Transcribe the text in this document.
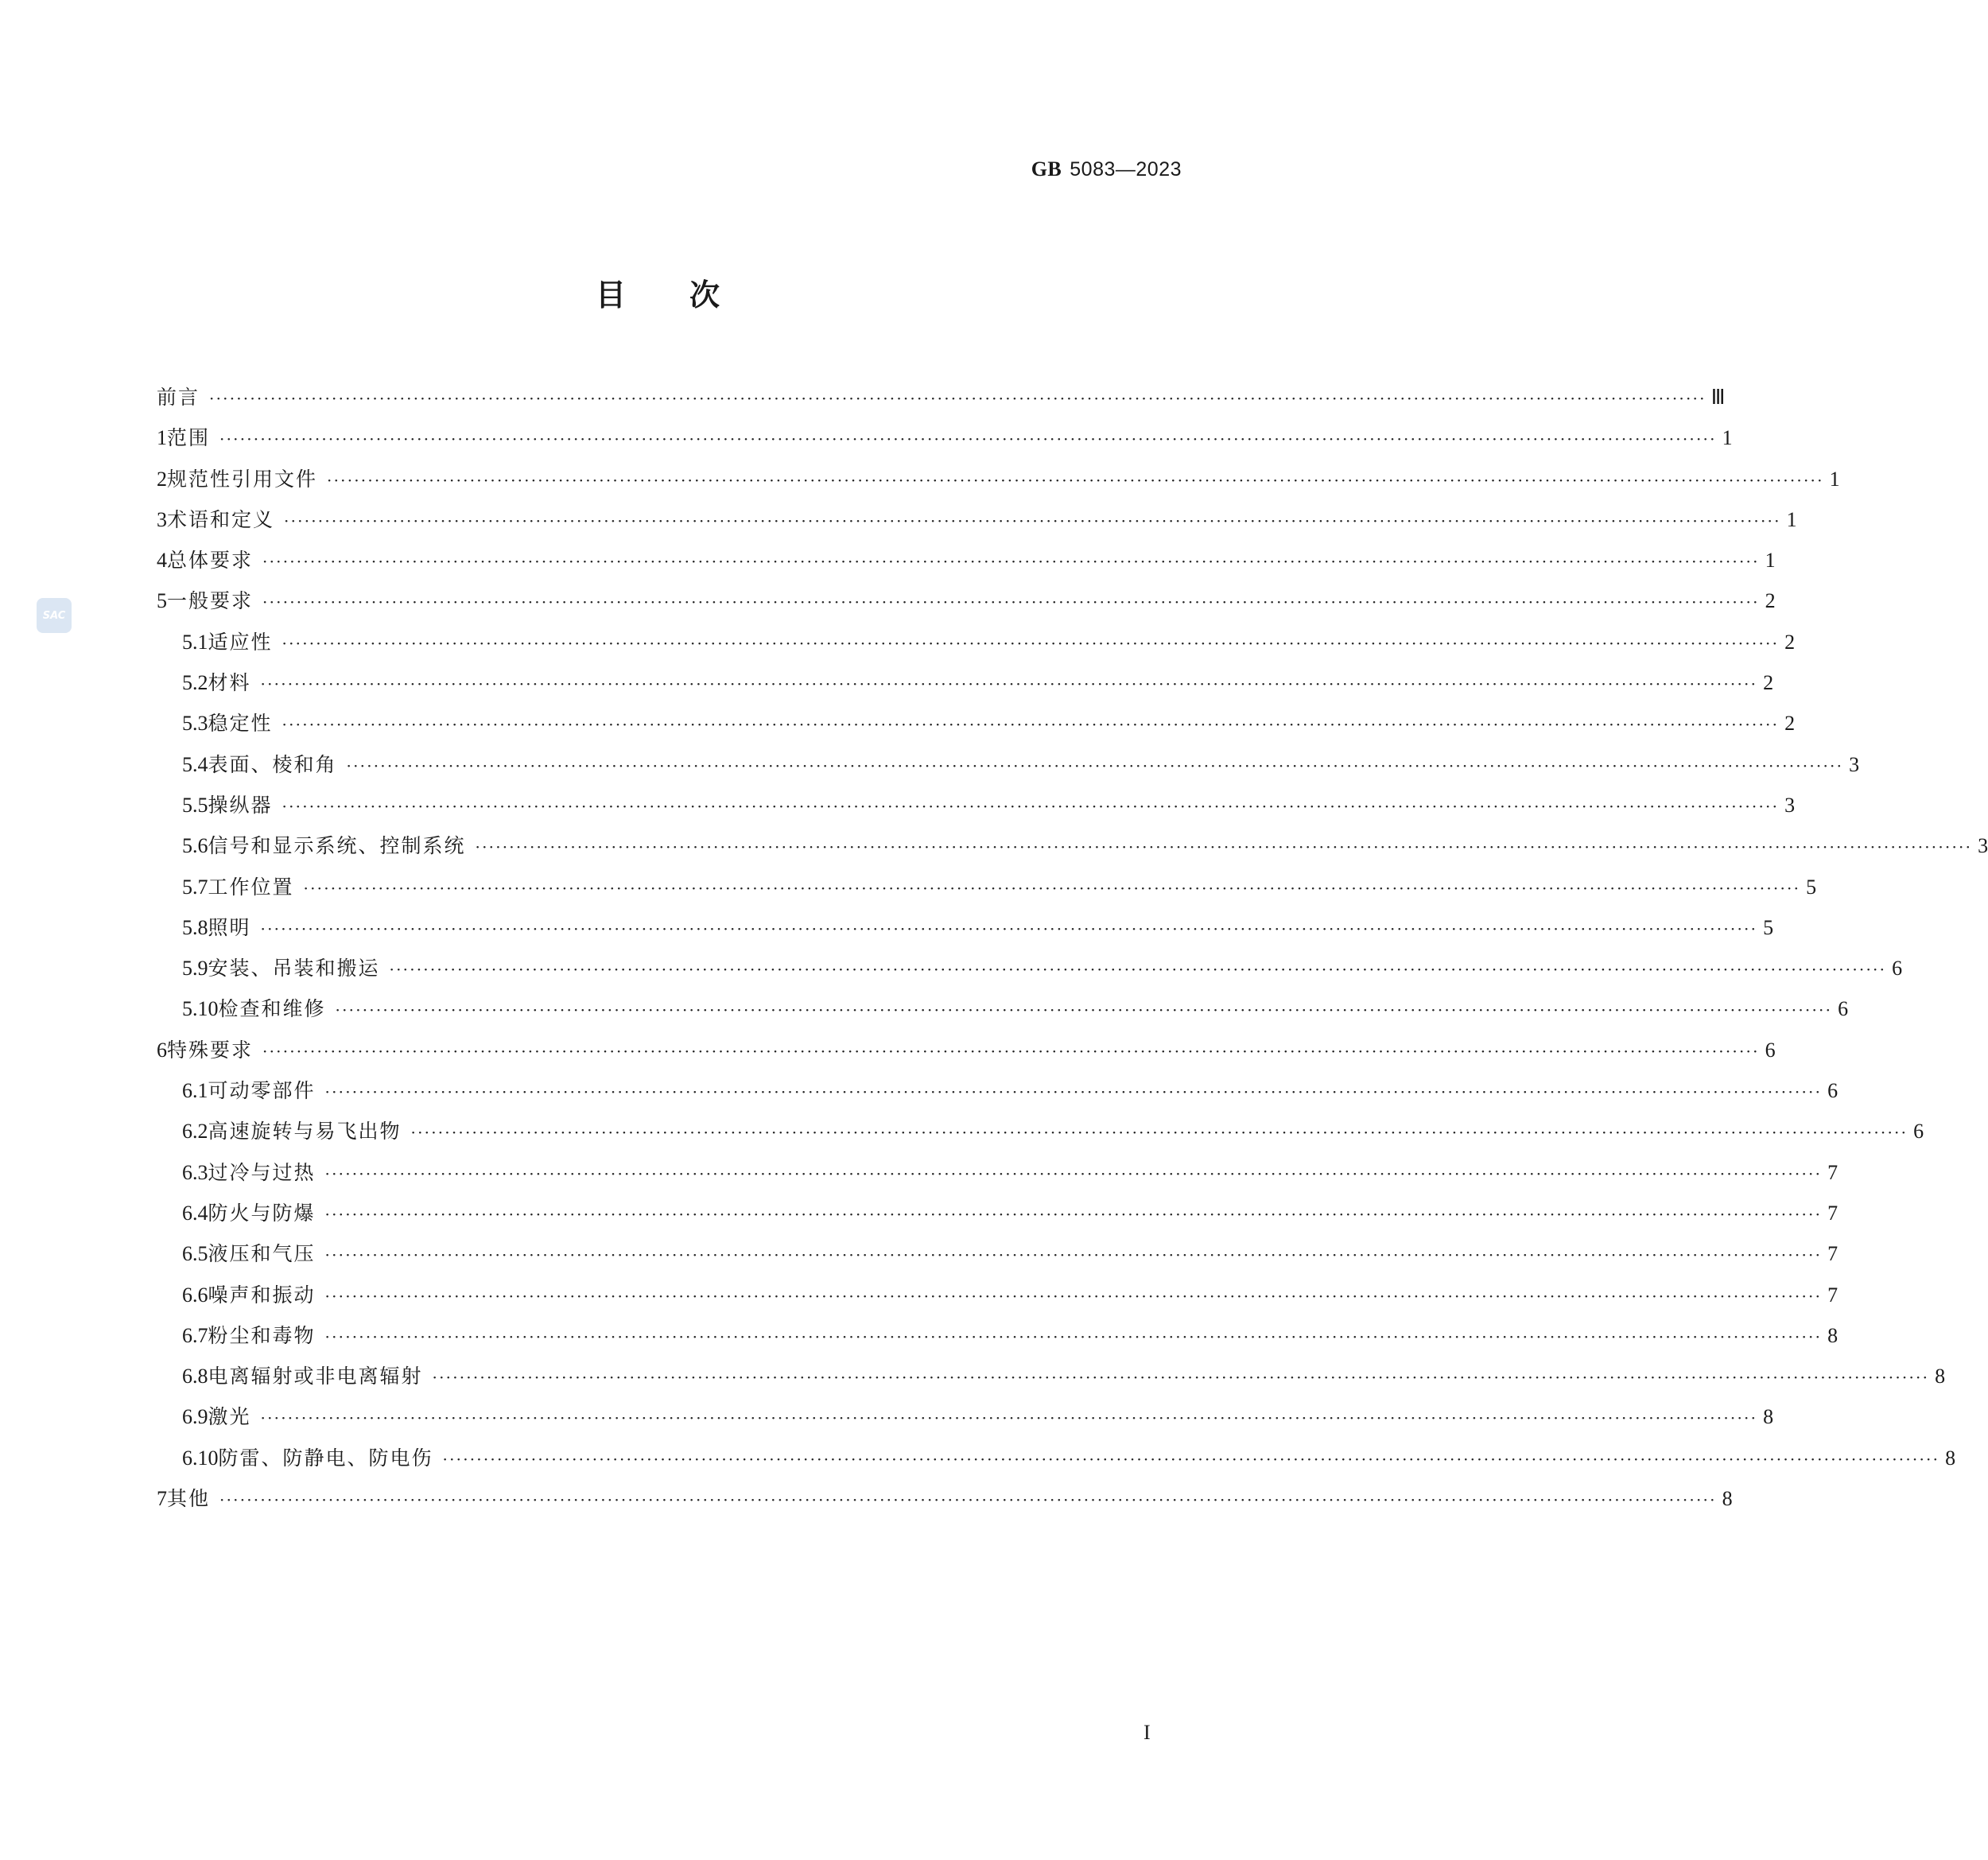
GB 5083—2023
目次
SAC
前言 ···························································································································································································································· Ⅲ
1 范围 ···························································································································································································································· 1
2 规范性引用文件 ···························································································································································································································· 1
3 术语和定义 ···························································································································································································································· 1
4 总体要求 ···························································································································································································································· 1
5 一般要求 ···························································································································································································································· 2
5.1 适应性 ···························································································································································································································· 2
5.2 材料 ···························································································································································································································· 2
5.3 稳定性 ···························································································································································································································· 2
5.4 表面、棱和角 ···························································································································································································································· 3
5.5 操纵器 ···························································································································································································································· 3
5.6 信号和显示系统、控制系统 ···························································································································································································································· 3
5.7 工作位置 ···························································································································································································································· 5
5.8 照明 ···························································································································································································································· 5
5.9 安装、吊装和搬运 ···························································································································································································································· 6
5.10 检查和维修 ···························································································································································································································· 6
6 特殊要求 ···························································································································································································································· 6
6.1 可动零部件 ···························································································································································································································· 6
6.2 高速旋转与易飞出物 ···························································································································································································································· 6
6.3 过冷与过热 ···························································································································································································································· 7
6.4 防火与防爆 ···························································································································································································································· 7
6.5 液压和气压 ···························································································································································································································· 7
6.6 噪声和振动 ···························································································································································································································· 7
6.7 粉尘和毒物 ···························································································································································································································· 8
6.8 电离辐射或非电离辐射 ···························································································································································································································· 8
6.9 激光 ···························································································································································································································· 8
6.10 防雷、防静电、防电伤 ···························································································································································································································· 8
7 其他 ···························································································································································································································· 8
I
